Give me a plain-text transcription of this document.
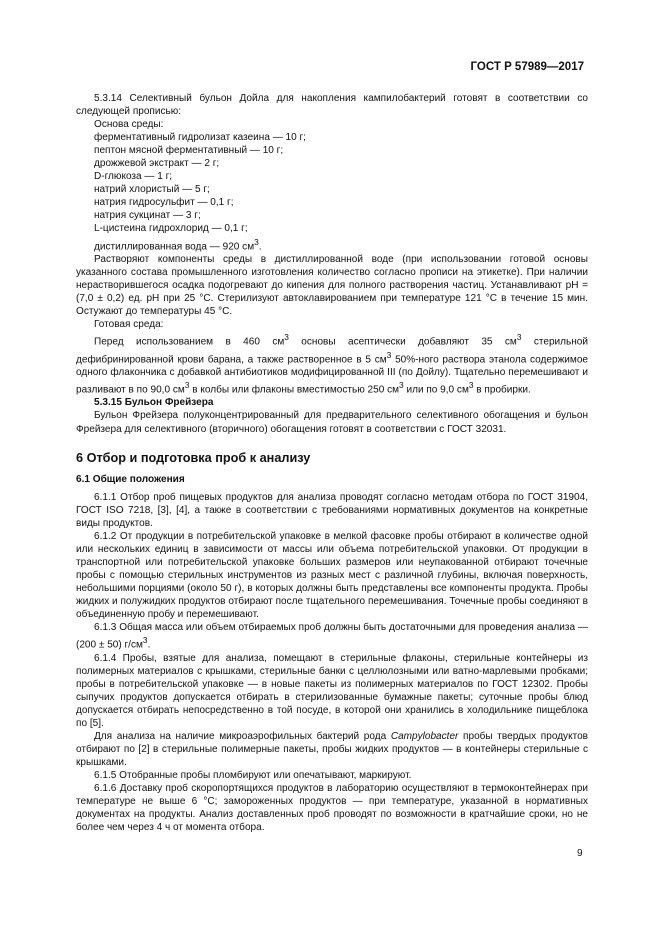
ГОСТ Р 57989—2017

5.3.14 Селективный бульон Дойла для накопления кампилобактерий готовят в соответствии со следующей прописью:

Основа среды:

ферментативный гидролизат казеина — 10 г;

пептон мясной ферментативный — 10 г;

дрожжевой экстракт — 2 г;

D-глюкоза — 1 г;

натрий хлористый — 5 г;

натрия гидросульфит — 0,1 г;

натрия сукцинат — 3 г;

L-цистеина гидрохлорид — 0,1 г;

дистиллированная вода — 920 $см^3$.

Растворяют компоненты среды в дистиллированной воде (при использовании готовой основы указанного состава промышленного изготовления количество согласно прописи на этикетке). При наличии нерастворившегося осадка подогревают до кипения для полного растворения частиц. Устанавливают pH = (7,0 ± 0,2) ед. pH при 25 °C. Стерилизуют автоклавированием при температуре 121 °C в течение 15 мин. Остужают до температуры 45 °C.

Готовая среда:

Перед использованием в 460 $см^3$ основы асептически добавляют 35 $см^3$ стерильной дефибринированной крови барана, а также растворенное в 5 $см^3$ 50%-ного раствора этанола содержимое одного флакончика с добавкой антибиотиков модифицированной III (по Дойлу). Тщательно перемешивают и разливают в по 90,0 $см^3$ в колбы или флаконы вместимостью 250 $см^3$ или по 9,0 $см^3$ в пробирки.

5.3.15 Бульон Фрейзера

Бульон Фрейзера полуконцентрированный для предварительного селективного обогащения и бульон Фрейзера для селективного (вторичного) обогащения готовят в соответствии с ГОСТ 32031.

6 Отбор и подготовка проб к анализу

6.1 Общие положения

6.1.1 Отбор проб пищевых продуктов для анализа проводят согласно методам отбора по ГОСТ 31904, ГОСТ ISO 7218, [3], [4], а также в соответствии с требованиями нормативных документов на конкретные виды продуктов.

6.1.2 От продукции в потребительской упаковке в мелкой фасовке пробы отбирают в количестве одной или нескольких единиц в зависимости от массы или объема потребительской упаковки. От продукции в транспортной или потребительской упаковке больших размеров или неупакованной отбирают точечные пробы с помощью стерильных инструментов из разных мест с различной глубины, включая поверхность, небольшими порциями (около 50 г), в которых должны быть представлены все компоненты продукта. Пробы жидких и полужидких продуктов отбирают после тщательного перемешивания. Точечные пробы соединяют в объединенную пробу и перемешивают.

6.1.3 Общая масса или объем отбираемых проб должны быть достаточными для проведения анализа — (200 ± 50) $г/см^3$.

6.1.4 Пробы, взятые для анализа, помещают в стерильные флаконы, стерильные контейнеры из полимерных материалов с крышками, стерильные банки с целлюлозными или ватно-марлевыми пробками; пробы в потребительской упаковке — в новые пакеты из полимерных материалов по ГОСТ 12302. Пробы сыпучих продуктов допускается отбирать в стерилизованные бумажные пакеты; суточные пробы блюд допускается отбирать непосредственно в той посуде, в которой они хранились в холодильнике пищеблока по [5].

Для анализа на наличие микроаэрофильных бактерий рода Campylobacter пробы твердых продуктов отбирают по [2] в стерильные полимерные пакеты, пробы жидких продуктов — в контейнеры стерильные с крышками.

6.1.5 Отобранные пробы пломбируют или опечатывают, маркируют.

6.1.6 Доставку проб скоропортящихся продуктов в лабораторию осуществляют в термоконтейнерах при температуре не выше 6 °C; замороженных продуктов — при температуре, указанной в нормативных документах на продукты. Анализ доставленных проб проводят по возможности в кратчайшие сроки, но не более чем через 4 ч от момента отбора.

9
